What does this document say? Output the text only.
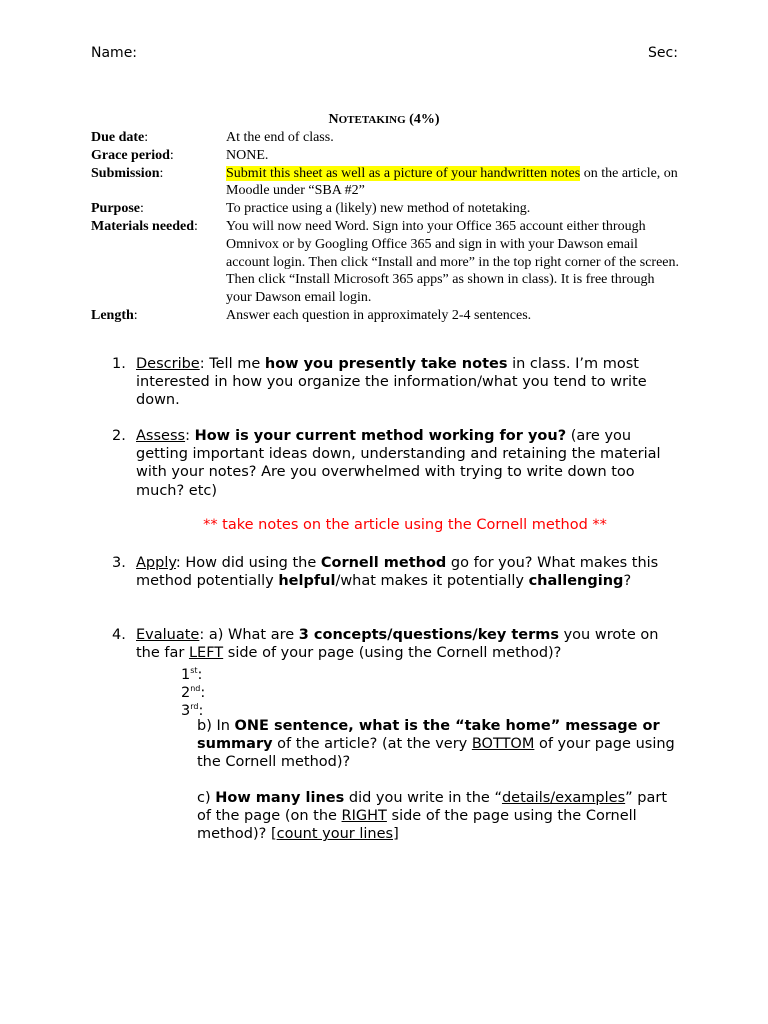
Name:	Sec:
NOTETAKING (4%)
Due date:	At the end of class.
Grace period:	NONE.
Submission:	Submit this sheet as well as a picture of your handwritten notes on the article, on Moodle under “SBA #2”
Purpose:	To practice using a (likely) new method of notetaking.
Materials needed:	You will now need Word. Sign into your Office 365 account either through Omnivox or by Googling Office 365 and sign in with your Dawson email account login. Then click “Install and more” in the top right corner of the screen. Then click “Install Microsoft 365 apps” as shown in class). It is free through your Dawson email login.
Length:	Answer each question in approximately 2-4 sentences.
1. Describe: Tell me how you presently take notes in class. I’m most interested in how you organize the information/what you tend to write down.
2. Assess: How is your current method working for you? (are you getting important ideas down, understanding and retaining the material with your notes? Are you overwhelmed with trying to write down too much? etc)
** take notes on the article using the Cornell method **
3. Apply: How did using the Cornell method go for you? What makes this method potentially helpful/what makes it potentially challenging?
4. Evaluate: a) What are 3 concepts/questions/key terms you wrote on the far LEFT side of your page (using the Cornell method)?
1st:
2nd:
3rd:
b) In ONE sentence, what is the “take home” message or summary of the article? (at the very BOTTOM of your page using the Cornell method)?
c) How many lines did you write in the “details/examples” part of the page (on the RIGHT side of the page using the Cornell method)? [count your lines]
